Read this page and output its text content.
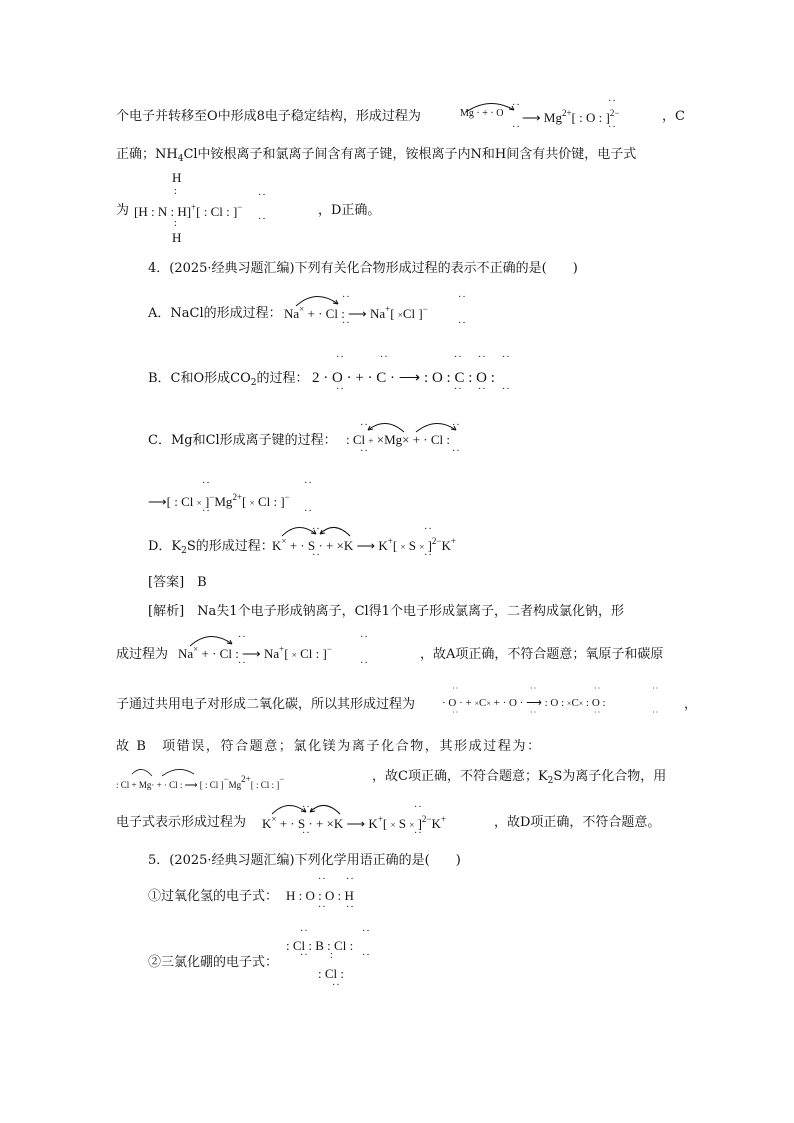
个电子并转移至O中形成8电子稳定结构，形成过程为	Mg · + · O ⟶ $Mg^{2+}$[ : O : ]$^{2-}$
··
··
··
··
，C
正确；$NH_4Cl$中铵根离子和氯离子间含有离子键，铵根离子内N和H间含有共价键，电子式
为
H
:
[H : N : H]+[ : Cl : ]−
:
H
··
··
，D正确。
4．(2025·经典习题汇编)下列有关化合物形成过程的表示不正确的是(　　)
A．NaCl的形成过程： Na× + · Cl : ⟶ Na+[ ×Cl ]−
··
··
··
··
B．C和O形成$CO_2$的过程： 2 · O · + · C · ⟶ : O : C : O :
··
··
··	··
··
··
··
··
··
C．Mg和Cl形成离子键的过程： : Cl + ×Mg× + · Cl :
··
··
··
··
⟶[ : $Cl \times ]^-Mg^{2+}[ \times Cl$ : ]−
··
··
··
··
D．$K_2S$的形成过程：
K× + · S · + ×K ⟶ $K^+[ \times S \times ]^{2-}K^+$
··
··
··
··
[答案]　 B
[解析]　 Na失1个电子形成钠离子，Cl得1个电子形成氯离子，二者构成氯化钠，形
成过程为 Na× + · Cl : ⟶ Na+[ × Cl : ]−
··
··
··
··
，故A项正确，不符合题意；氧原子和碳原
子通过共用电子对形成二氧化碳，所以其形成过程为 · O · + ×C× + · O · ⟶ : O : ×C× : O :
··
··
··
··
··
··
··
··
，
故 B　项错误，符合题意；氯化镁为离子化合物，其形成过程为：
: Cl + Mg· + · Cl : ⟶ [ : Cl ]−Mg2+[ : Cl : ]−	，故C项正确，不符合题意；$K_2S$为离子化合物，用
电子式表示形成过程为 K× + · S · + ×K ⟶ $K^+[ \times S \times ]^{2-}K^+$
··
··
··
··
，故D项正确，不符合题意。
5．(2025·经典习题汇编)下列化学用语正确的是(　　)
①过氧化氢的电子式： H : O : O : H
··
··
··
··
②三氯化硼的电子式：
··	··
: Cl : B : Cl :
··	··
:
: Cl :
··
